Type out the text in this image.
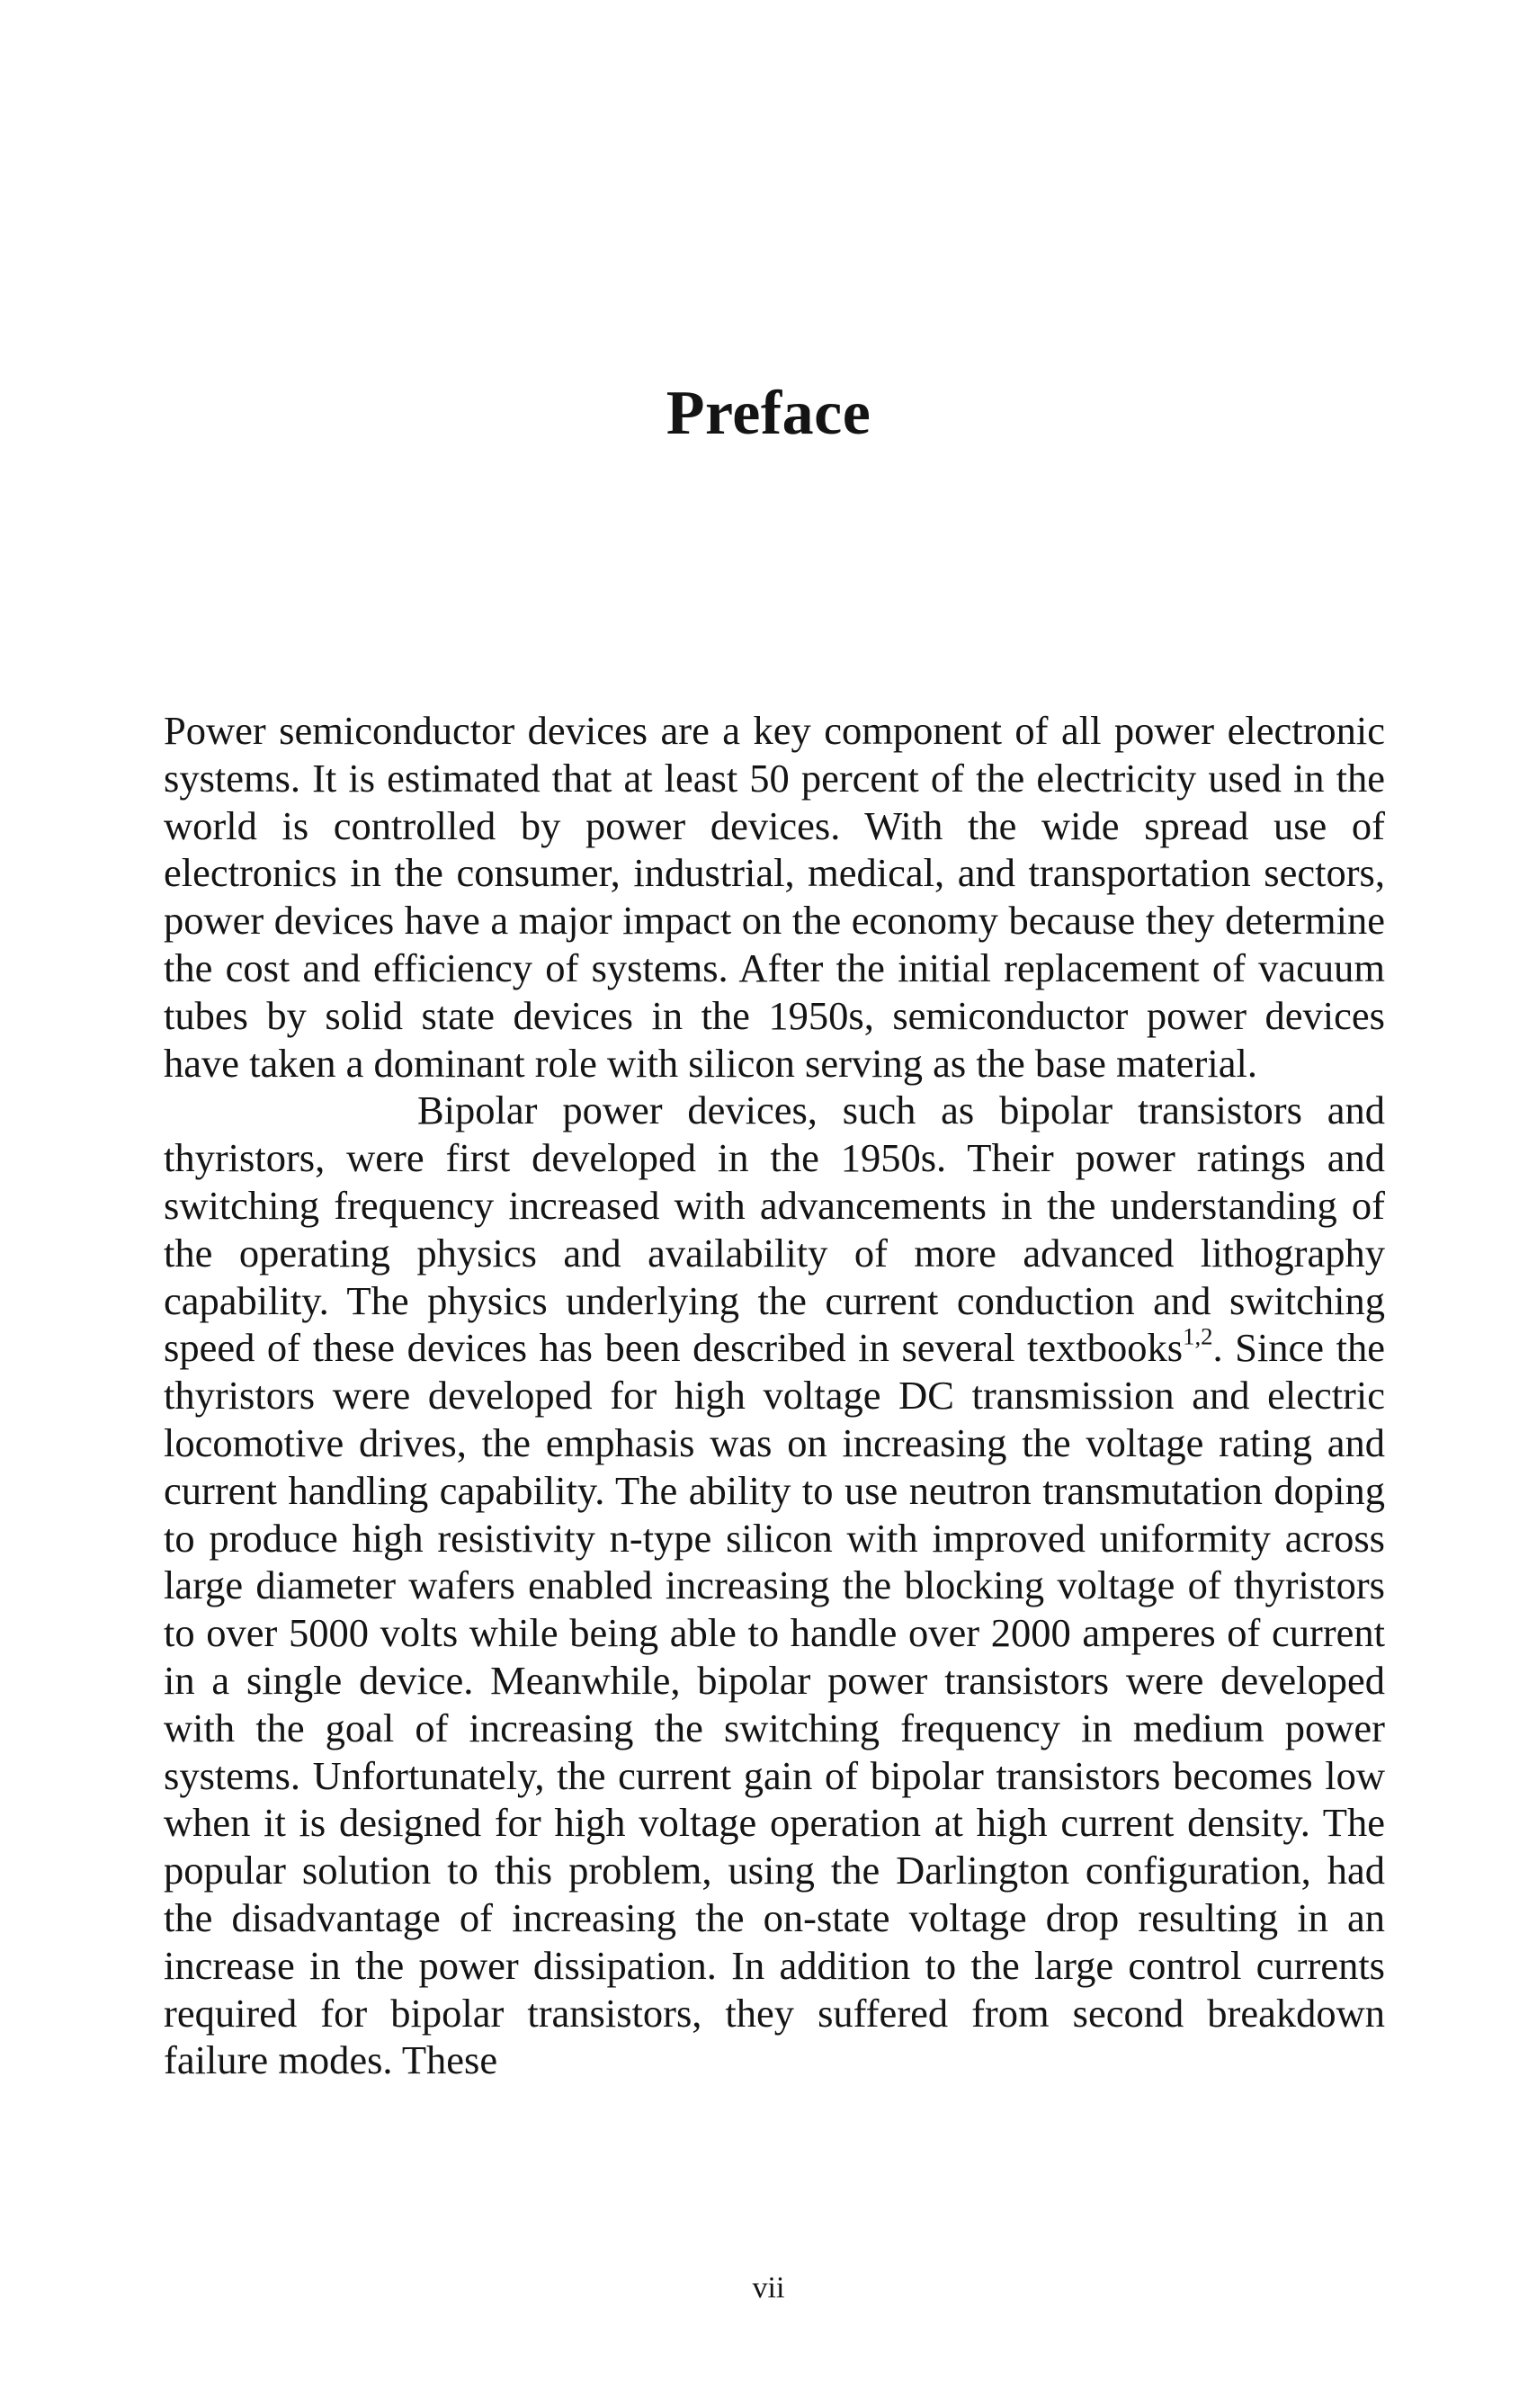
Preface

Power semiconductor devices are a key component of all power electronic systems. It is estimated that at least 50 percent of the electricity used in the world is controlled by power devices. With the wide spread use of electronics in the consumer, industrial, medical, and transportation sectors, power devices have a major impact on the economy because they determine the cost and efficiency of systems. After the initial replacement of vacuum tubes by solid state devices in the 1950s, semiconductor power devices have taken a dominant role with silicon serving as the base material.

Bipolar power devices, such as bipolar transistors and thyristors, were first developed in the 1950s. Their power ratings and switching frequency increased with advancements in the understanding of the operating physics and availability of more advanced lithography capability. The physics underlying the current conduction and switching speed of these devices has been described in several textbooks$^{1,2}$. Since the thyristors were developed for high voltage DC transmission and electric locomotive drives, the emphasis was on increasing the voltage rating and current handling capability. The ability to use neutron transmutation doping to produce high resistivity n-type silicon with improved uniformity across large diameter wafers enabled increasing the blocking voltage of thyristors to over 5000 volts while being able to handle over 2000 amperes of current in a single device. Meanwhile, bipolar power transistors were developed with the goal of increasing the switching frequency in medium power systems. Unfortunately, the current gain of bipolar transistors becomes low when it is designed for high voltage operation at high current density. The popular solution to this problem, using the Darlington configuration, had the disadvantage of increasing the on-state voltage drop resulting in an increase in the power dissipation. In addition to the large control currents required for bipolar transistors, they suffered from second breakdown failure modes. These

vii
